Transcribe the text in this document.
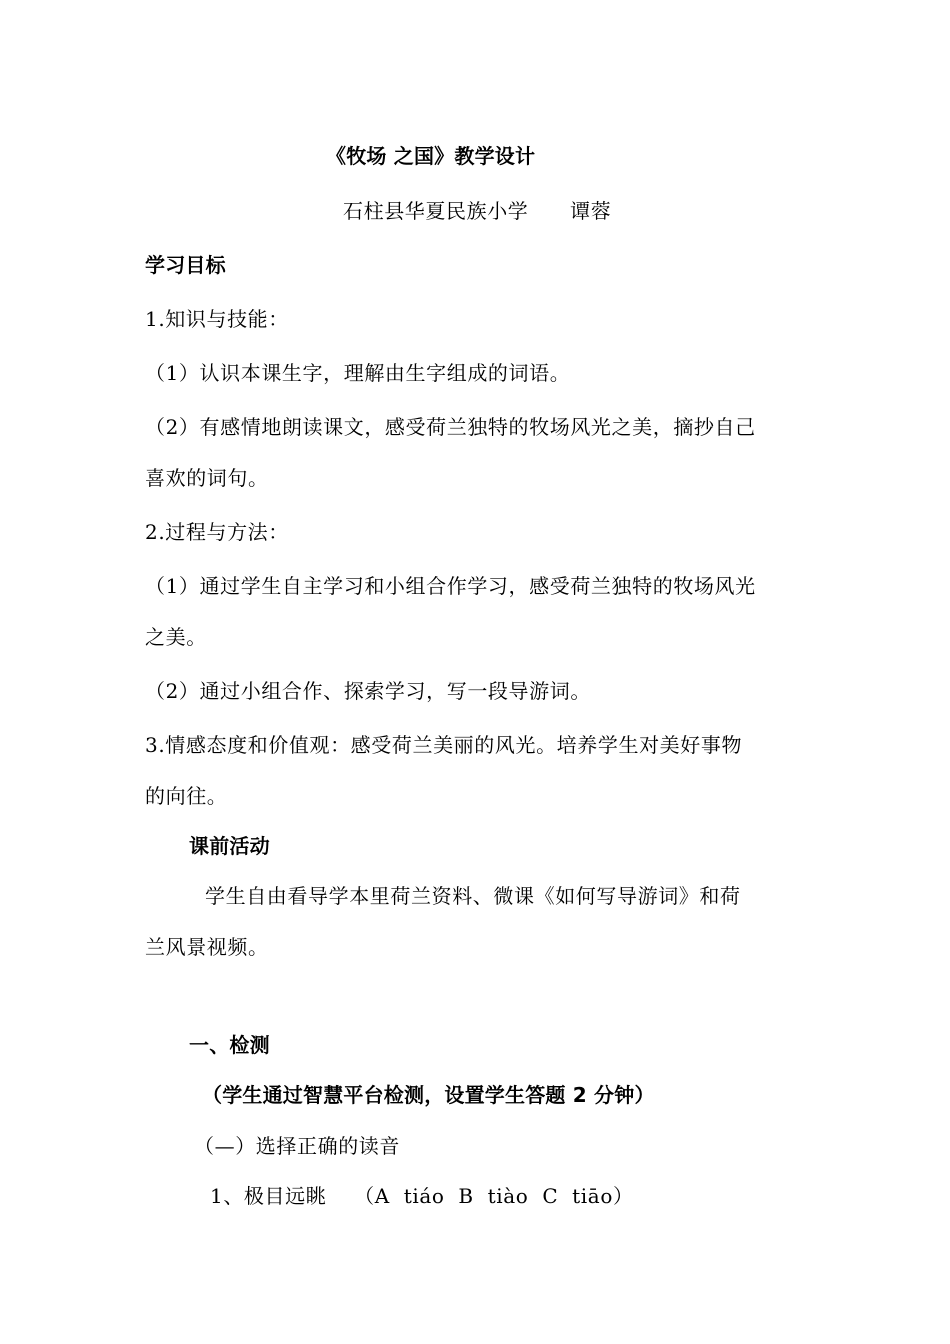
《牧场 之国》教学设计
石柱县华夏民族小学      谭蓉
学习目标
1.知识与技能：
（1）认识本课生字，理解由生字组成的词语。
（2）有感情地朗读课文，感受荷兰独特的牧场风光之美，摘抄自己
喜欢的词句。
2.过程与方法：
（1）通过学生自主学习和小组合作学习，感受荷兰独特的牧场风光
之美。
（2）通过小组合作、探索学习，写一段导游词。
3.情感态度和价值观：感受荷兰美丽的风光。培养学生对美好事物
的向往。
课前活动
学生自由看导学本里荷兰资料、微课《如何写导游词》和荷
兰风景视频。
一、检测
（学生通过智慧平台检测，设置学生答题 2 分钟）
（—）选择正确的读音
1、极目远眺    （A  tiáo  B  tiào  C  tiāo）
